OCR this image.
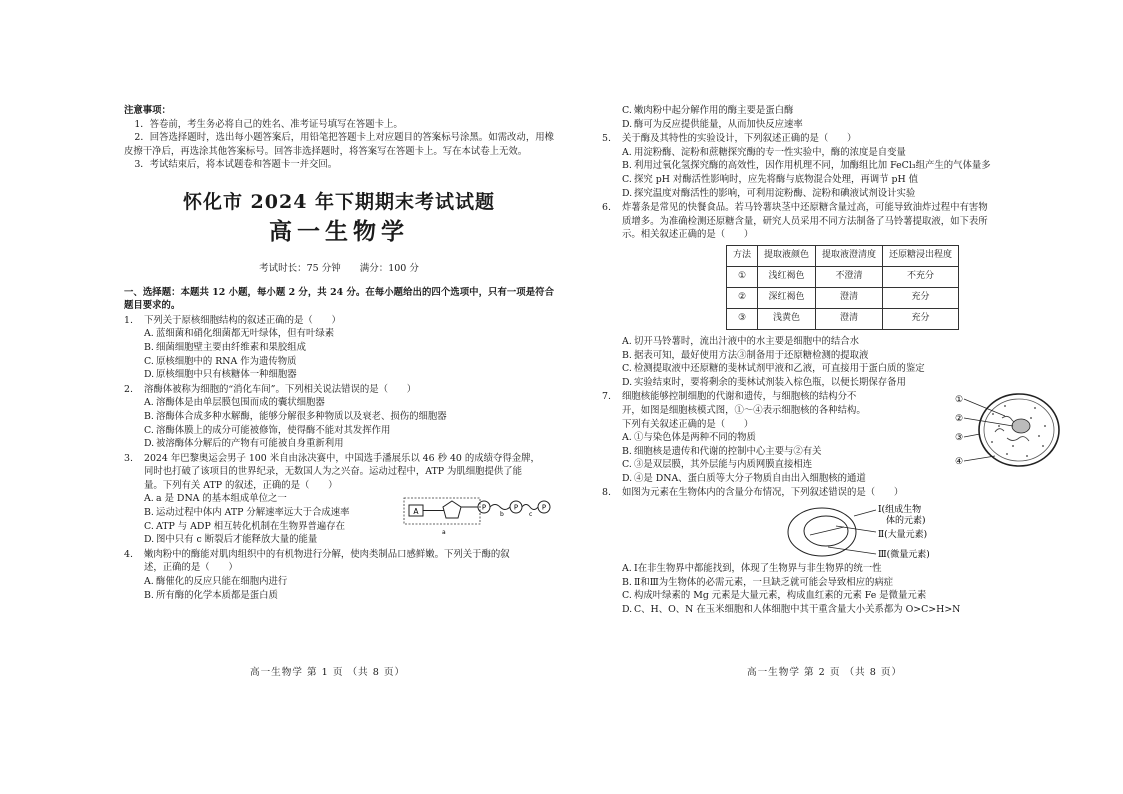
注意事项：
1．答卷前，考生务必将自己的姓名、准考证号填写在答题卡上。
2．回答选择题时，选出每小题答案后，用铅笔把答题卡上对应题目的答案标号涂黑。如需改动，用橡皮擦干净后，再选涂其他答案标号。回答非选择题时，将答案写在答题卡上。写在本试卷上无效。
3．考试结束后，将本试题卷和答题卡一并交回。
怀化市 2024 年下期期末考试试题
高一生物学
考试时长：75 分钟　　满分：100 分
一、选择题：本题共 12 小题，每小题 2 分，共 24 分。在每小题给出的四个选项中，只有一项是符合题目要求的。
1. 下列关于原核细胞结构的叙述正确的是（　　）
A. 蓝细菌和硝化细菌都无叶绿体，但有叶绿素
B. 细菌细胞壁主要由纤维素和果胶组成
C. 原核细胞中的 RNA 作为遗传物质
D. 原核细胞中只有核糖体一种细胞器
2. 溶酶体被称为细胞的“消化车间”。下列相关说法错误的是（　　）
A. 溶酶体是由单层膜包围而成的囊状细胞器
B. 溶酶体合成多种水解酶，能够分解很多种物质以及衰老、损伤的细胞器
C. 溶酶体膜上的成分可能被修饰，使得酶不能对其发挥作用
D. 被溶酶体分解后的产物有可能被自身重新利用
3. 2024 年巴黎奥运会男子 100 米自由泳决赛中，中国选手潘展乐以 46 秒 40 的成绩夺得金牌，
同时也打破了该项目的世界纪录，无数国人为之兴奋。运动过程中，ATP 为肌细胞提供了能
量。下列有关 ATP 的叙述，正确的是（　　）
A. a 是 DNA 的基本组成单位之一
B. 运动过程中体内 ATP 分解速率远大于合成速率
C. ATP 与 ADP 相互转化机制在生物界普遍存在
D. 图中只有 c 断裂后才能释放大量的能量
A	P
b
P
c
P
a
4. 嫩肉粉中的酶能对肌肉组织中的有机物进行分解，使肉类制品口感鲜嫩。下列关于酶的叙
述，正确的是（　　）
A. 酶催化的反应只能在细胞内进行
B. 所有酶的化学本质都是蛋白质
高一生物学 第 1 页 （共 8 页）
C. 嫩肉粉中起分解作用的酶主要是蛋白酶
D. 酶可为反应提供能量，从而加快反应速率
5. 关于酶及其特性的实验设计，下列叙述正确的是（　　）
A. 用淀粉酶、淀粉和蔗糖探究酶的专一性实验中，酶的浓度是自变量
B. 利用过氧化氢探究酶的高效性，因作用机理不同，加酶组比加 FeCl₃组产生的气体量多
C. 探究 pH 对酶活性影响时，应先将酶与底物混合处理，再调节 pH 值
D. 探究温度对酶活性的影响，可利用淀粉酶、淀粉和碘液试剂设计实验
6. 炸薯条是常见的快餐食品。若马铃薯块茎中还原糖含量过高，可能导致油炸过程中有害物
质增多。为准确检测还原糖含量，研究人员采用不同方法制备了马铃薯提取液，如下表所
示。相关叙述正确的是（　　）
方法	提取液颜色	提取液澄清度	还原糖浸出程度
①	浅红褐色	不澄清	不充分
②	深红褐色	澄清	充分
③	浅黄色	澄清	充分
A. 切开马铃薯时，流出汁液中的水主要是细胞中的结合水
B. 据表可知，最好使用方法③制备用于还原糖检测的提取液
C. 检测提取液中还原糖的斐林试剂甲液和乙液，可直接用于蛋白质的鉴定
D. 实验结束时，要将剩余的斐林试剂装入棕色瓶，以便长期保存备用
7. 细胞核能够控制细胞的代谢和遗传，与细胞核的结构分不
开，如图是细胞核模式图，①～④表示细胞核的各种结构。
下列有关叙述正确的是（　　）
A. ①与染色体是两种不同的物质
B. 细胞核是遗传和代谢的控制中心主要与②有关
C. ③是双层膜，其外层能与内质网膜直接相连
D. ④是 DNA、蛋白质等大分子物质自由出入细胞核的通道
①
②
③
④
8. 如图为元素在生物体内的含量分布情况，下列叙述错误的是（　　）
Ⅰ(组成生物
体的元素)
Ⅱ(大量元素)
Ⅲ(微量元素)
A. Ⅰ在非生物界中都能找到，体现了生物界与非生物界的统一性
B. Ⅱ和Ⅲ为生物体的必需元素，一旦缺乏就可能会导致相应的病症
C. 构成叶绿素的 Mg 元素是大量元素，构成血红素的元素 Fe 是微量元素
D. C、H、O、N 在玉米细胞和人体细胞中其干重含量大小关系都为 O>C>H>N
高一生物学 第 2 页 （共 8 页）
